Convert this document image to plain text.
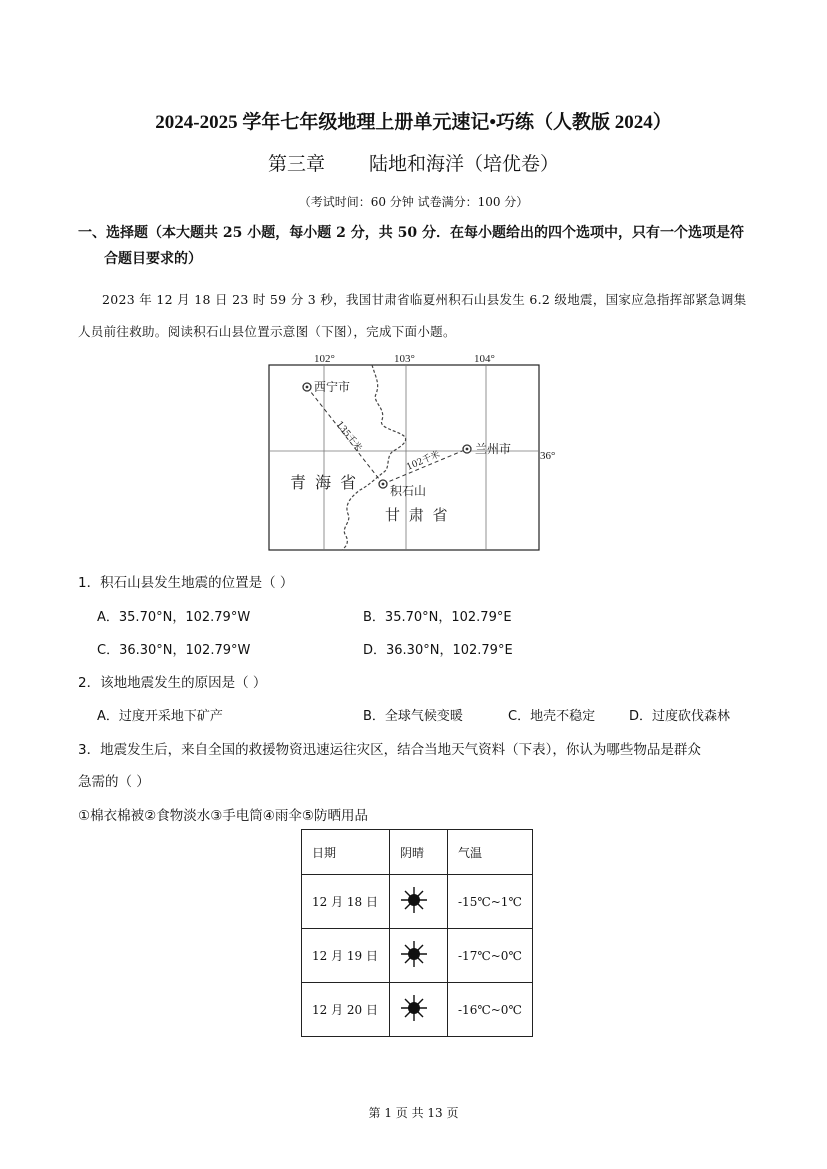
2024-2025 学年七年级地理上册单元速记•巧练（人教版 2024）
第三章 陆地和海洋（培优卷）
（考试时间：60 分钟 试卷满分：100 分）
一、选择题（本大题共 25 小题，每小题 2 分，共 50 分．在每小题给出的四个选项中，只有一个选项是符
合题目要求的）
2023 年 12 月 18 日 23 时 59 分 3 秒，我国甘肃省临夏州积石山县发生 6.2 级地震，国家应急指挥部紧急调集人员前往救助。阅读积石山县位置示意图（下图），完成下面小题。
102°	103°	104°
36°
西宁市
兰州市
积石山
135千米
102千米
青 海 省
甘 肃 省
1．积石山县发生地震的位置是（ ）
A．35.70°N，102.79°W	B．35.70°N，102.79°E
C．36.30°N，102.79°W	D．36.30°N，102.79°E
2．该地地震发生的原因是（ ）
A．过度开采地下矿产	B．全球气候变暖	C．地壳不稳定	D．过度砍伐森林
3．地震发生后，来自全国的救援物资迅速运往灾区，结合当地天气资料（下表），你认为哪些物品是群众
急需的（ ）
①棉衣棉被②食物淡水③手电筒④雨伞⑤防晒用品
日期	阴晴	气温
12 月 18 日		-15℃~1℃
12 月 19 日		-17℃~0℃
12 月 20 日		-16℃~0℃
第 1 页 共 13 页
